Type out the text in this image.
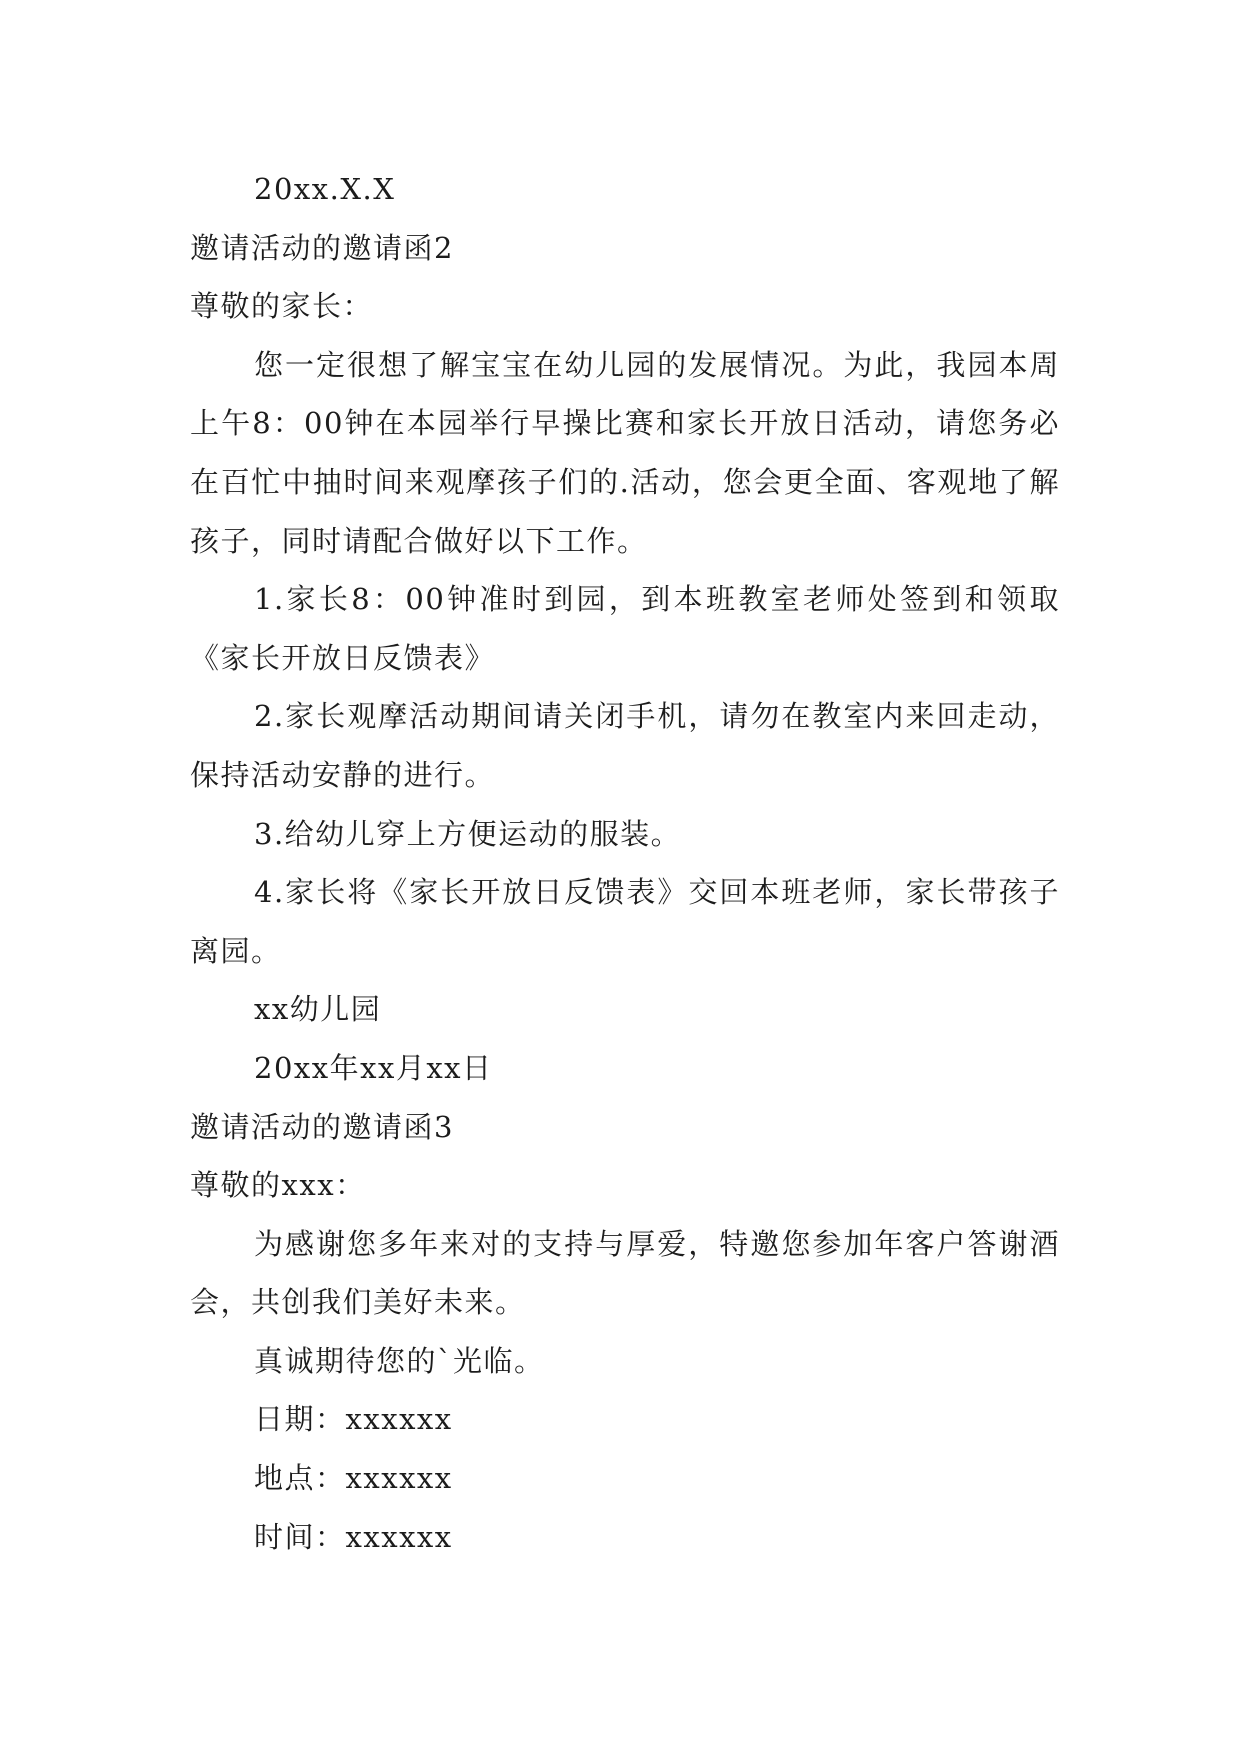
20xx.X.X

邀请活动的邀请函2

尊敬的家长：

您一定很想了解宝宝在幼儿园的发展情况。为此，我园本周上午8：00钟在本园举行早操比赛和家长开放日活动，请您务必在百忙中抽时间来观摩孩子们的.活动，您会更全面、客观地了解孩子，同时请配合做好以下工作。

1.家长8：00钟准时到园，到本班教室老师处签到和领取《家长开放日反馈表》

2.家长观摩活动期间请关闭手机，请勿在教室内来回走动，保持活动安静的进行。

3.给幼儿穿上方便运动的服装。

4.家长将《家长开放日反馈表》交回本班老师，家长带孩子离园。

xx幼儿园

20xx年xx月xx日

邀请活动的邀请函3

尊敬的xxx：

为感谢您多年来对的支持与厚爱，特邀您参加年客户答谢酒会，共创我们美好未来。

真诚期待您的`光临。

日期：xxxxxx

地点：xxxxxx

时间：xxxxxx
